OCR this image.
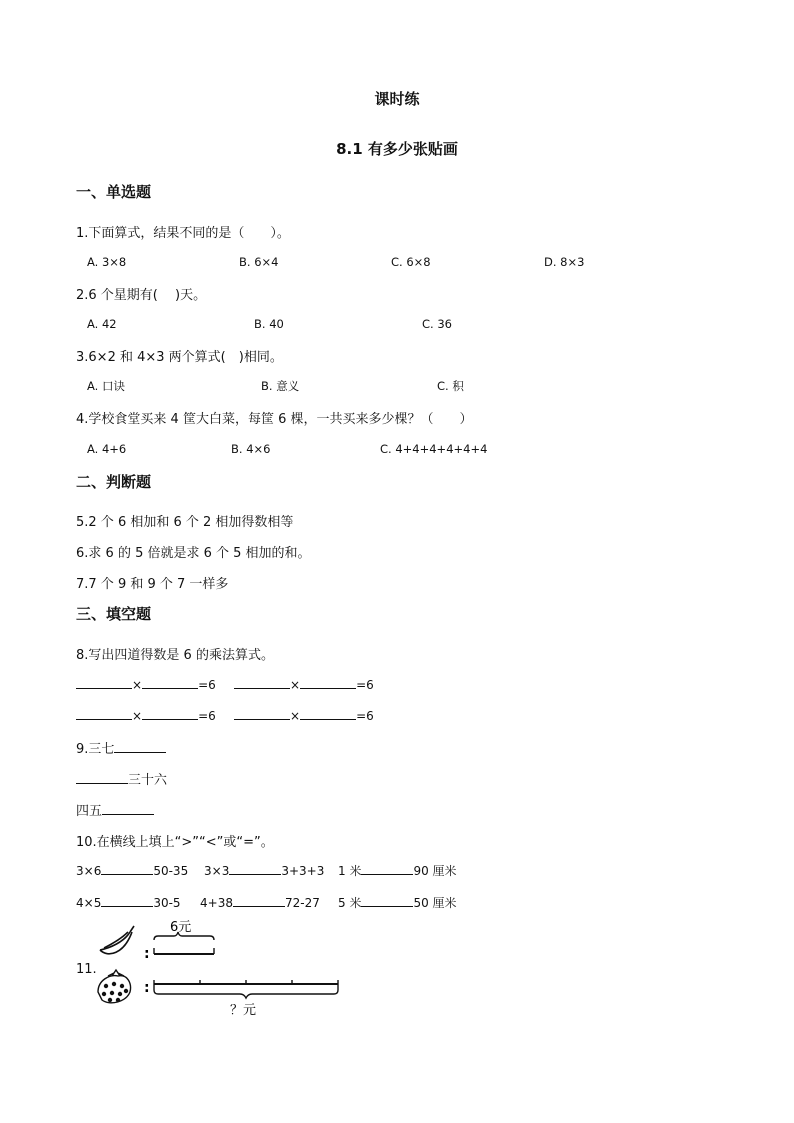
课时练
8.1 有多少张贴画
一、单选题
1.下面算式，结果不同的是（　　）。
A. 3×8	B. 6×4	C. 6×8	D. 8×3
2.6 个星期有(　 )天。
A. 42	B. 40	C. 36
3.6×2 和 4×3 两个算式(　)相同。
A. 口诀	B. 意义	C. 积
4.学校食堂买来 4 筐大白菜，每筐 6 棵，一共买来多少棵？（　　）
A. 4+6	B. 4×6	C. 4+4+4+4+4+4
二、判断题
5.2 个 6 相加和 6 个 2 相加得数相等
6.求 6 的 5 倍就是求 6 个 5 相加的和。
7.7 个 9 和 9 个 7 一样多
三、填空题
8.写出四道得数是 6 的乘法算式。
×	=6	×	=6
×	=6	×	=6
9.三七
三十六
四五
10.在横线上填上“>”“<”或“=”。
3×6	50-35 3×3	3+3+3 1 米	90 厘米
4×5	30-5 4+38	72-27 5 米	50 厘米
11.
:
:
6元
？元
